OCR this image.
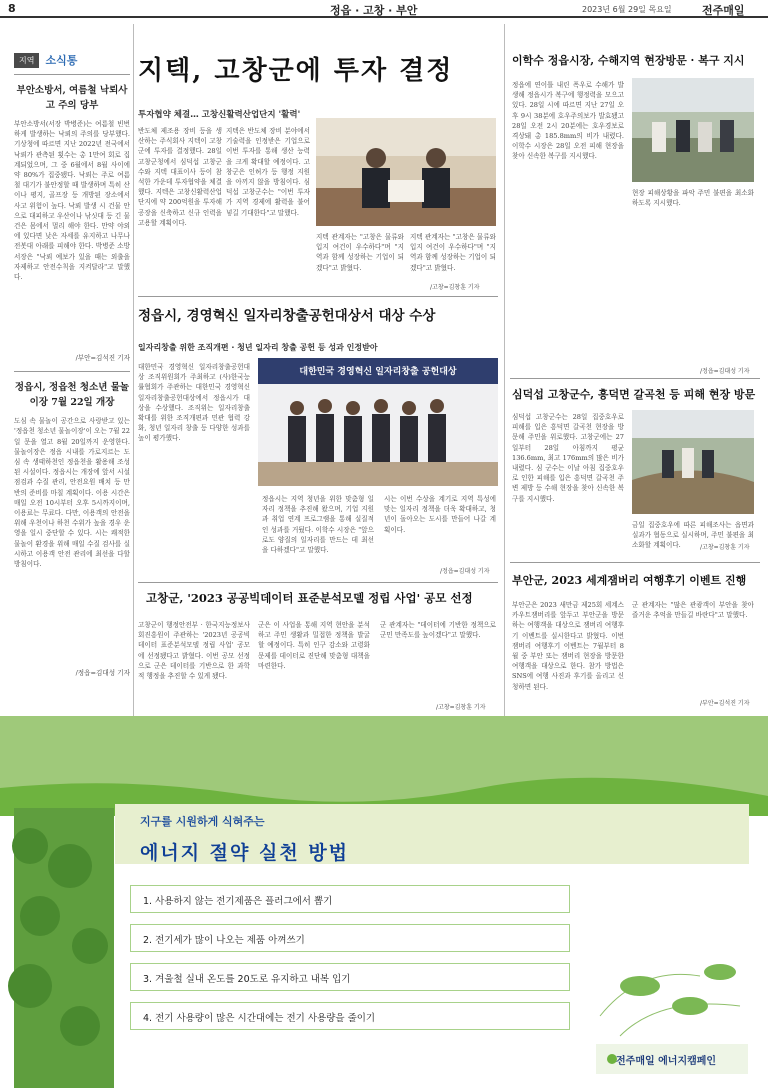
8	정읍 · 고창 · 부안	2023년 6월 29일 목요일	전주매일
지역	소식통
부안소방서, 여름철 낙뢰사고 주의 당부
부안소방서(서장 박병준)는 여름철 빈번하게 발생하는 낙뢰의 주의를 당부했다. 기상청에 따르면 지난 2022년 전국에서 낙뢰가 관측된 횟수는 총 1만여 회로 집계되었으며, 그 중 6월에서 8월 사이에 약 80%가 집중됐다. 낙뢰는 주로 여름철 대기가 불안정할 때 발생하며 특히 산이나 평지, 골프장 등 개방된 장소에서 사고 위험이 높다. 낙뢰 발생 시 건물 안으로 대피하고 우산이나 낚싯대 등 긴 물건은 몸에서 멀리 해야 한다. 만약 야외에 있다면 낮은 자세를 유지하고 나무나 전봇대 아래를 피해야 한다. 박병준 소방서장은 "낙뢰 예보가 있을 때는 외출을 자제하고 안전수칙을 지켜달라"고 말했다.
/부안=김석진 기자
정읍시, 정읍천 청소년 물놀이장 7월 22일 개장
도심 속 물놀이 공간으로 사랑받고 있는 '정읍천 청소년 물놀이장'이 오는 7월 22일 문을 열고 8월 20일까지 운영한다. 물놀이장은 정읍 시내를 가로지르는 도심 속 생태하천인 정읍천을 활용해 조성된 시설이다. 정읍시는 개장에 앞서 시설 점검과 수질 관리, 안전요원 배치 등 만반의 준비를 마칠 계획이다. 이용 시간은 매일 오전 10시부터 오후 5시까지이며, 이용료는 무료다. 다만, 이용객의 안전을 위해 우천이나 하천 수위가 높을 경우 운영을 일시 중단할 수 있다. 시는 쾌적한 물놀이 환경을 위해 매일 수질 검사를 실시하고 이용객 안전 관리에 최선을 다할 방침이다.
/정읍=김대성 기자
지텍, 고창군에 투자 결정
투자협약 체결… 고창신활력산업단지 '활력'
반도체 제조용 장비 등을 생산하는 주식회사 지텍이 고창군에 투자를 결정했다. 28일 고창군청에서 심덕섭 고창군수와 지텍 대표이사 등이 참석한 가운데 투자협약을 체결했다. 지텍은 고창신활력산업단지에 약 200억원을 투자해 공장을 신축하고 신규 인력을 고용할 계획이다.
지텍은 반도체 장비 분야에서 기술력을 인정받은 기업으로 이번 투자를 통해 생산 능력을 크게 확대할 예정이다. 고창군은 인허가 등 행정 지원을 아끼지 않을 방침이다. 심덕섭 고창군수는 "이번 투자가 지역 경제에 활력을 불어넣길 기대한다"고 말했다.
지텍 관계자는 "고창은 물류와 입지 여건이 우수하다"며 "지역과 함께 성장하는 기업이 되겠다"고 밝혔다.
지텍 관계자는 "고창은 물류와 입지 여건이 우수하다"며 "지역과 함께 성장하는 기업이 되겠다"고 밝혔다.
/고창=김창훈 기자
정읍시, 경영혁신 일자리창출공헌대상서 대상 수상
일자리창출 위한 조직개편 · 청년 일자리 창출 공헌 등 성과 인정받아
대한민국 경영혁신 일자리창출공헌대상 조직위원회가 주최하고 (사)한국능률협회가 주관하는 대한민국 경영혁신 일자리창출공헌대상에서 정읍시가 대상을 수상했다. 조직위는 일자리창출 확대를 위한 조직개편과 민관 협력 강화, 청년 일자리 창출 등 다양한 성과를 높이 평가했다.
대한민국 경영혁신 일자리창출 공헌대상
정읍시는 지역 청년을 위한 맞춤형 일자리 정책을 추진해 왔으며, 기업 지원과 취업 연계 프로그램을 통해 실질적인 성과를 거뒀다. 이학수 시장은 "앞으로도 양질의 일자리를 만드는 데 최선을 다하겠다"고 말했다.
시는 이번 수상을 계기로 지역 특성에 맞는 일자리 정책을 더욱 확대하고, 청년이 돌아오는 도시를 만들어 나갈 계획이다.
/정읍=김대성 기자
고창군, '2023 공공빅데이터 표준분석모델 정립 사업' 공모 선정
고창군이 행정안전부 · 한국지능정보사회진흥원이 주관하는 '2023년 공공빅데이터 표준분석모델 정립 사업' 공모에 선정됐다고 밝혔다. 이번 공모 선정으로 군은 데이터를 기반으로 한 과학적 행정을 추진할 수 있게 됐다.
군은 이 사업을 통해 지역 현안을 분석하고 주민 생활과 밀접한 정책을 발굴할 예정이다. 특히 인구 감소와 고령화 문제를 데이터로 진단해 맞춤형 대책을 마련한다.
군 관계자는 "데이터에 기반한 정책으로 군민 만족도를 높이겠다"고 말했다.
/고창=김창훈 기자
이학수 정읍시장, 수해지역 현장방문 · 복구 지시
정읍에 연이틀 내린 폭우로 수해가 발생해 정읍시가 복구에 행정력을 모으고 있다. 28일 시에 따르면 지난 27일 오후 9시 38분에 호우주의보가 발효됐고 28일 오전 2시 20분에는 호우경보로 격상돼 총 185.8mm의 비가 내렸다. 이학수 시장은 28일 오전 피해 현장을 찾아 신속한 복구를 지시했다.
현장 피해상황을 파악 주민 불편을 최소화하도록 지시했다.
/정읍=김대성 기자
심덕섭 고창군수, 흥덕면 갈곡천 등 피해 현장 방문
심덕섭 고창군수는 28일 집중호우로 피해를 입은 흥덕면 갈곡천 현장을 방문해 주민을 위로했다. 고창군에는 27일부터 28일 아침까지 평균 136.6mm, 최고 176mm의 많은 비가 내렸다. 심 군수는 이날 아침 집중호우로 인한 피해를 입은 흥덕면 갈곡천 주변 제방 등 수해 현장을 찾아 신속한 복구를 지시했다.
금일 집중호우에 따른 피해조사는 읍면과 실과가 협동으로 실시하며, 주민 불편을 최소화할 계획이다.	/고창=김창훈 기자
부안군, 2023 세계잼버리 여행후기 이벤트 진행
부안군은 2023 새만금 제25회 세계스카우트잼버리를 앞두고 부안군을 방문하는 여행객을 대상으로 잼버리 여행후기 이벤트를 실시한다고 밝혔다. 이번 잼버리 여행후기 이벤트는 7월부터 8월 중 부안 또는 잼버리 현장을 방문한 여행객을 대상으로 한다. 참가 방법은 SNS에 여행 사진과 후기를 올리고 신청하면 된다.
군 관계자는 "많은 관광객이 부안을 찾아 즐거운 추억을 만들길 바란다"고 말했다.
/부안=김석진 기자
지구를 시원하게 식혀주는
에너지 절약 실천 방법
1. 사용하지 않는 전기제품은 플러그에서 뽑기
2. 전기세가 많이 나오는 제품 아껴쓰기
3. 겨울철 실내 온도를 20도로 유지하고 내복 입기
4. 전기 사용량이 많은 시간대에는 전기 사용량을 줄이기
전주매일 에너지캠페인
